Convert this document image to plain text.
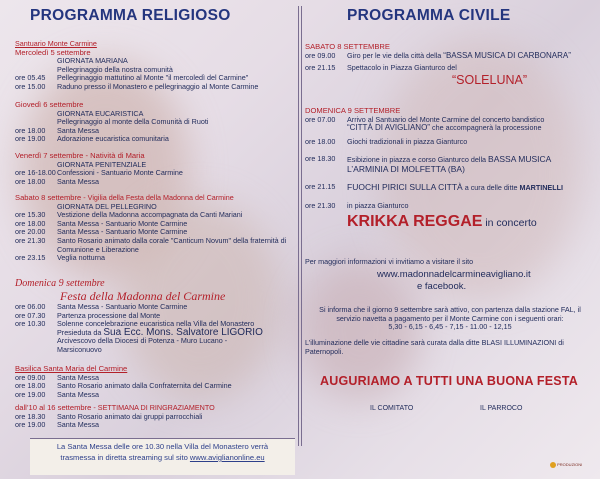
PROGRAMMA RELIGIOSO
Santuario Monte Carmine
Mercoledì 5 settembre
GIORNATA MARIANA
Pellegrinaggio della nostra comunità
ore 05.45	Pellegrinaggio mattutino al Monte "il mercoledì del Carmine"
ore 15.00	Raduno presso il Monastero e pellegrinaggio al Monte Carmine
Giovedì 6 settembre
GIORNATA EUCARISTICA
Pellegrinaggio al monte della Comunità di Ruoti
ore 18.00	Santa Messa
ore 19.00	Adorazione eucaristica comunitaria
Venerdì 7 settembre - Natività di Maria
GIORNATA PENITENZIALE
ore 16-18.00 Confessioni - Santuario Monte Carmine
ore 18.00	Santa Messa
Sabato 8 settembre - Vigilia della Festa della Madonna del Carmine
GIORNATA DEL PELLEGRINO
ore 15.30	Vestizione della Madonna accompagnata da Canti Mariani
ore 18.00	Santa Messa - Santuario Monte Carmine
ore 20.00	Santa Messa - Santuario Monte Carmine
ore 21.30	Santo Rosario animato dalla corale "Canticum Novum" della fraternità di Comunione e Liberazione
ore 23.15	Veglia notturna
Domenica 9 settembre
Festa della Madonna del Carmine
ore 06.00	Santa Messa - Santuario Monte Carmine
ore 07.30	Partenza processione dal Monte
ore 10.30	Solenne concelebrazione eucaristica nella Villa del Monastero
Presieduta da Sua Ecc. Mons. Salvatore LIGORIO
Arcivescovo della Diocesi di Potenza - Muro Lucano - Marsiconuovo
Basilica Santa Maria del Carmine
ore 09.00	Santa Messa
ore 18.00	Santo Rosario animato dalla Confraternita del Carmine
ore 19.00	Santa Messa
dall’10 al 16 settembre - SETTIMANA DI RINGRAZIAMENTO
ore 18.30	Santo Rosario animato dai gruppi parrocchiali
ore 19.00	Santa Messa
La Santa Messa delle ore 10.30 nella Villa del Monastero verrà
trasmessa in diretta streaming sul sito www.aviglianonline.eu
PROGRAMMA CIVILE
SABATO 8 SETTEMBRE
ore 09.00	Giro per le vie della città della “BASSA MUSICA DI CARBONARA”
ore 21.15	Spettacolo in Piazza Gianturco del
“SOLELUNA”
DOMENICA 9 SETTEMBRE
ore 07.00	Arrivo al Santuario del Monte Carmine del concerto bandistico
“CITTÀ DI AVIGLIANO” che accompagnerà la processione
ore 18.00	Giochi tradizionali in piazza Gianturco
ore 18.30	Esibizione in piazza e corso Gianturco della BASSA MUSICA
L’ARMINIA DI MOLFETTA (BA)
ore 21.15	FUOCHI PIRICI SULLA CITTÀ a cura delle ditte MARTINELLI
ore 21.30	in piazza Gianturco
KRIKKA REGGAE in concerto
Per maggiori informazioni vi invitiamo a visitare il sito
www.madonnadelcarmineavigliano.it
e facebook.
Si informa che il giorno 9 settembre sarà attivo, con partenza dalla stazione FAL, il
servizio navetta a pagamento per il Monte Carmine con i seguenti orari:
5,30 - 6,15 - 6,45 - 7,15 - 11.00 - 12,15
L’illuminazione delle vie cittadine sarà curata dalla ditte BLASI ILLUMINAZIONI di
Paternopoli.
AUGURIAMO A TUTTI UNA BUONA FESTA
IL COMITATO	IL PARROCO
PRODUZIONI
